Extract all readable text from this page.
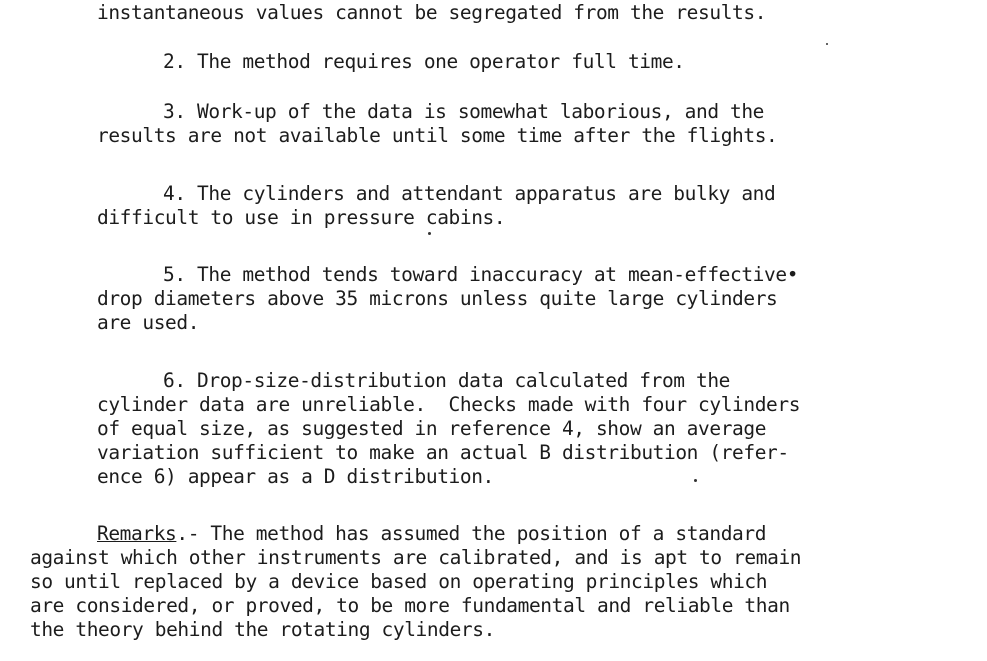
instantaneous values cannot be segregated from the results.
2. The method requires one operator full time.
3. Work-up of the data is somewhat laborious, and the
results are not available until some time after the flights.
4. The cylinders and attendant apparatus are bulky and
difficult to use in pressure cabins.
5. The method tends toward inaccuracy at mean-effective•
drop diameters above 35 microns unless quite large cylinders
are used.
6. Drop-size-distribution data calculated from the
cylinder data are unreliable.  Checks made with four cylinders
of equal size, as suggested in reference 4, show an average
variation sufficient to make an actual B distribution (refer-
ence 6) appear as a D distribution.
Remarks.- The method has assumed the position of a standard
against which other instruments are calibrated, and is apt to remain
so until replaced by a device based on operating principles which
are considered, or proved, to be more fundamental and reliable than
the theory behind the rotating cylinders.
